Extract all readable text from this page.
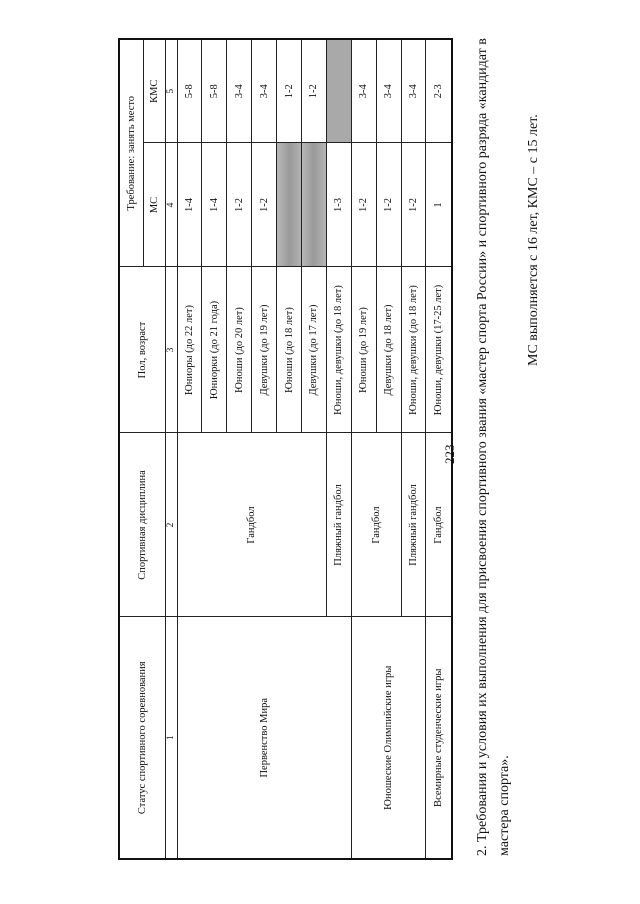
223 2. Требования и условия их выполнения для присвоения спортивного звания «мастер спорта России» и спортивного разряда «кандидат в мастера спорта».
МС выполняется с 16 лет, КМС – с 15 лет.
Статус спортивного соревнования	Спортивная дисциплина	Пол, возраст	Требование: занять место	
			МС	КМС
1	2	3	4	5
Первенство Мира	Гандбол	Юниоры (до 22 лет)	1-4	5-8
		Юниорки (до 21 года)	1-4	5-8
		Юноши (до 20 лет)	1-2	3-4
		Девушки (до 19 лет)	1-2	3-4
		Юноши (до 18 лет)		1-2
		Девушки (до 17 лет)		1-2
	Пляжный гандбол	Юноши, девушки (до 18 лет)	1-3	
Юношеские Олимпийские игры	Гандбол	Юноши (до 19 лет)	1-2	3-4
		Девушки (до 18 лет)	1-2	3-4
	Пляжный гандбол	Юноши, девушки (до 18 лет)	1-2	3-4
Всемирные студенческие игры	Гандбол	Юноши, девушки (17-25 лет)	1	2-3
